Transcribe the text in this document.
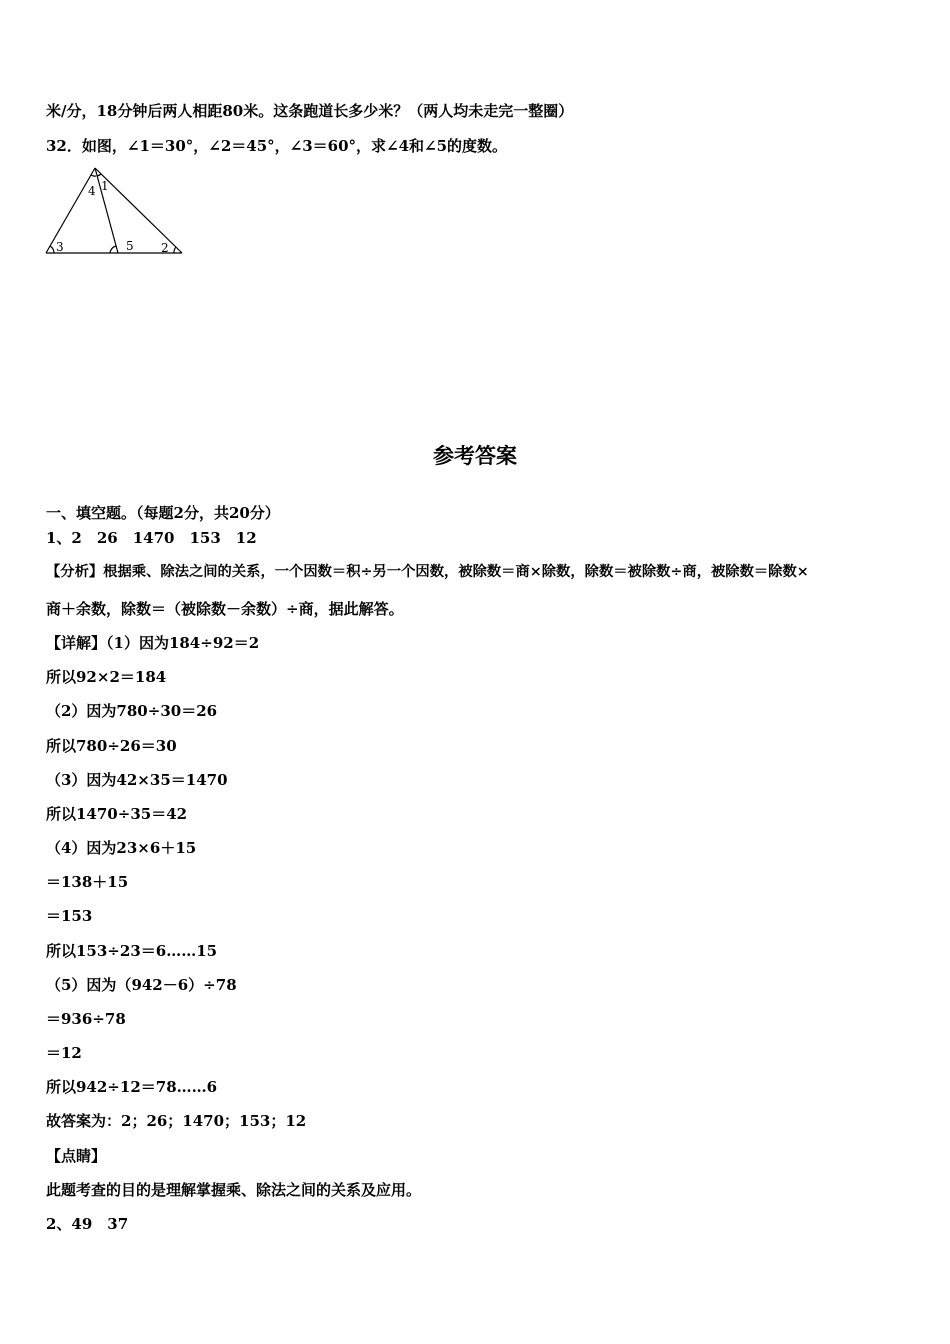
米/分，18分钟后两人相距80米。这条跑道长多少米？（两人均未走完一整圈）
32．如图，∠1＝30°，∠2＝45°，∠3＝60°，求∠4和∠5的度数。
1
4
3	5 2
参考答案
一、填空题。（每题2分，共20分）
1、2　26　1470　153　12
【分析】根据乘、除法之间的关系，一个因数＝积÷另一个因数，被除数＝商×除数，除数＝被除数÷商，被除数＝除数×
商＋余数，除数＝（被除数－余数）÷商，据此解答。
【详解】（1）因为184÷92＝2
所以92×2＝184
（2）因为780÷30＝26
所以780÷26＝30
（3）因为42×35＝1470
所以1470÷35＝42
（4）因为23×6＋15
＝138＋15
＝153
所以153÷23＝6……15
（5）因为（942－6）÷78
＝936÷78
＝12
所以942÷12＝78……6
故答案为：2；26；1470；153；12
【点睛】
此题考查的目的是理解掌握乘、除法之间的关系及应用。
2、49　37
